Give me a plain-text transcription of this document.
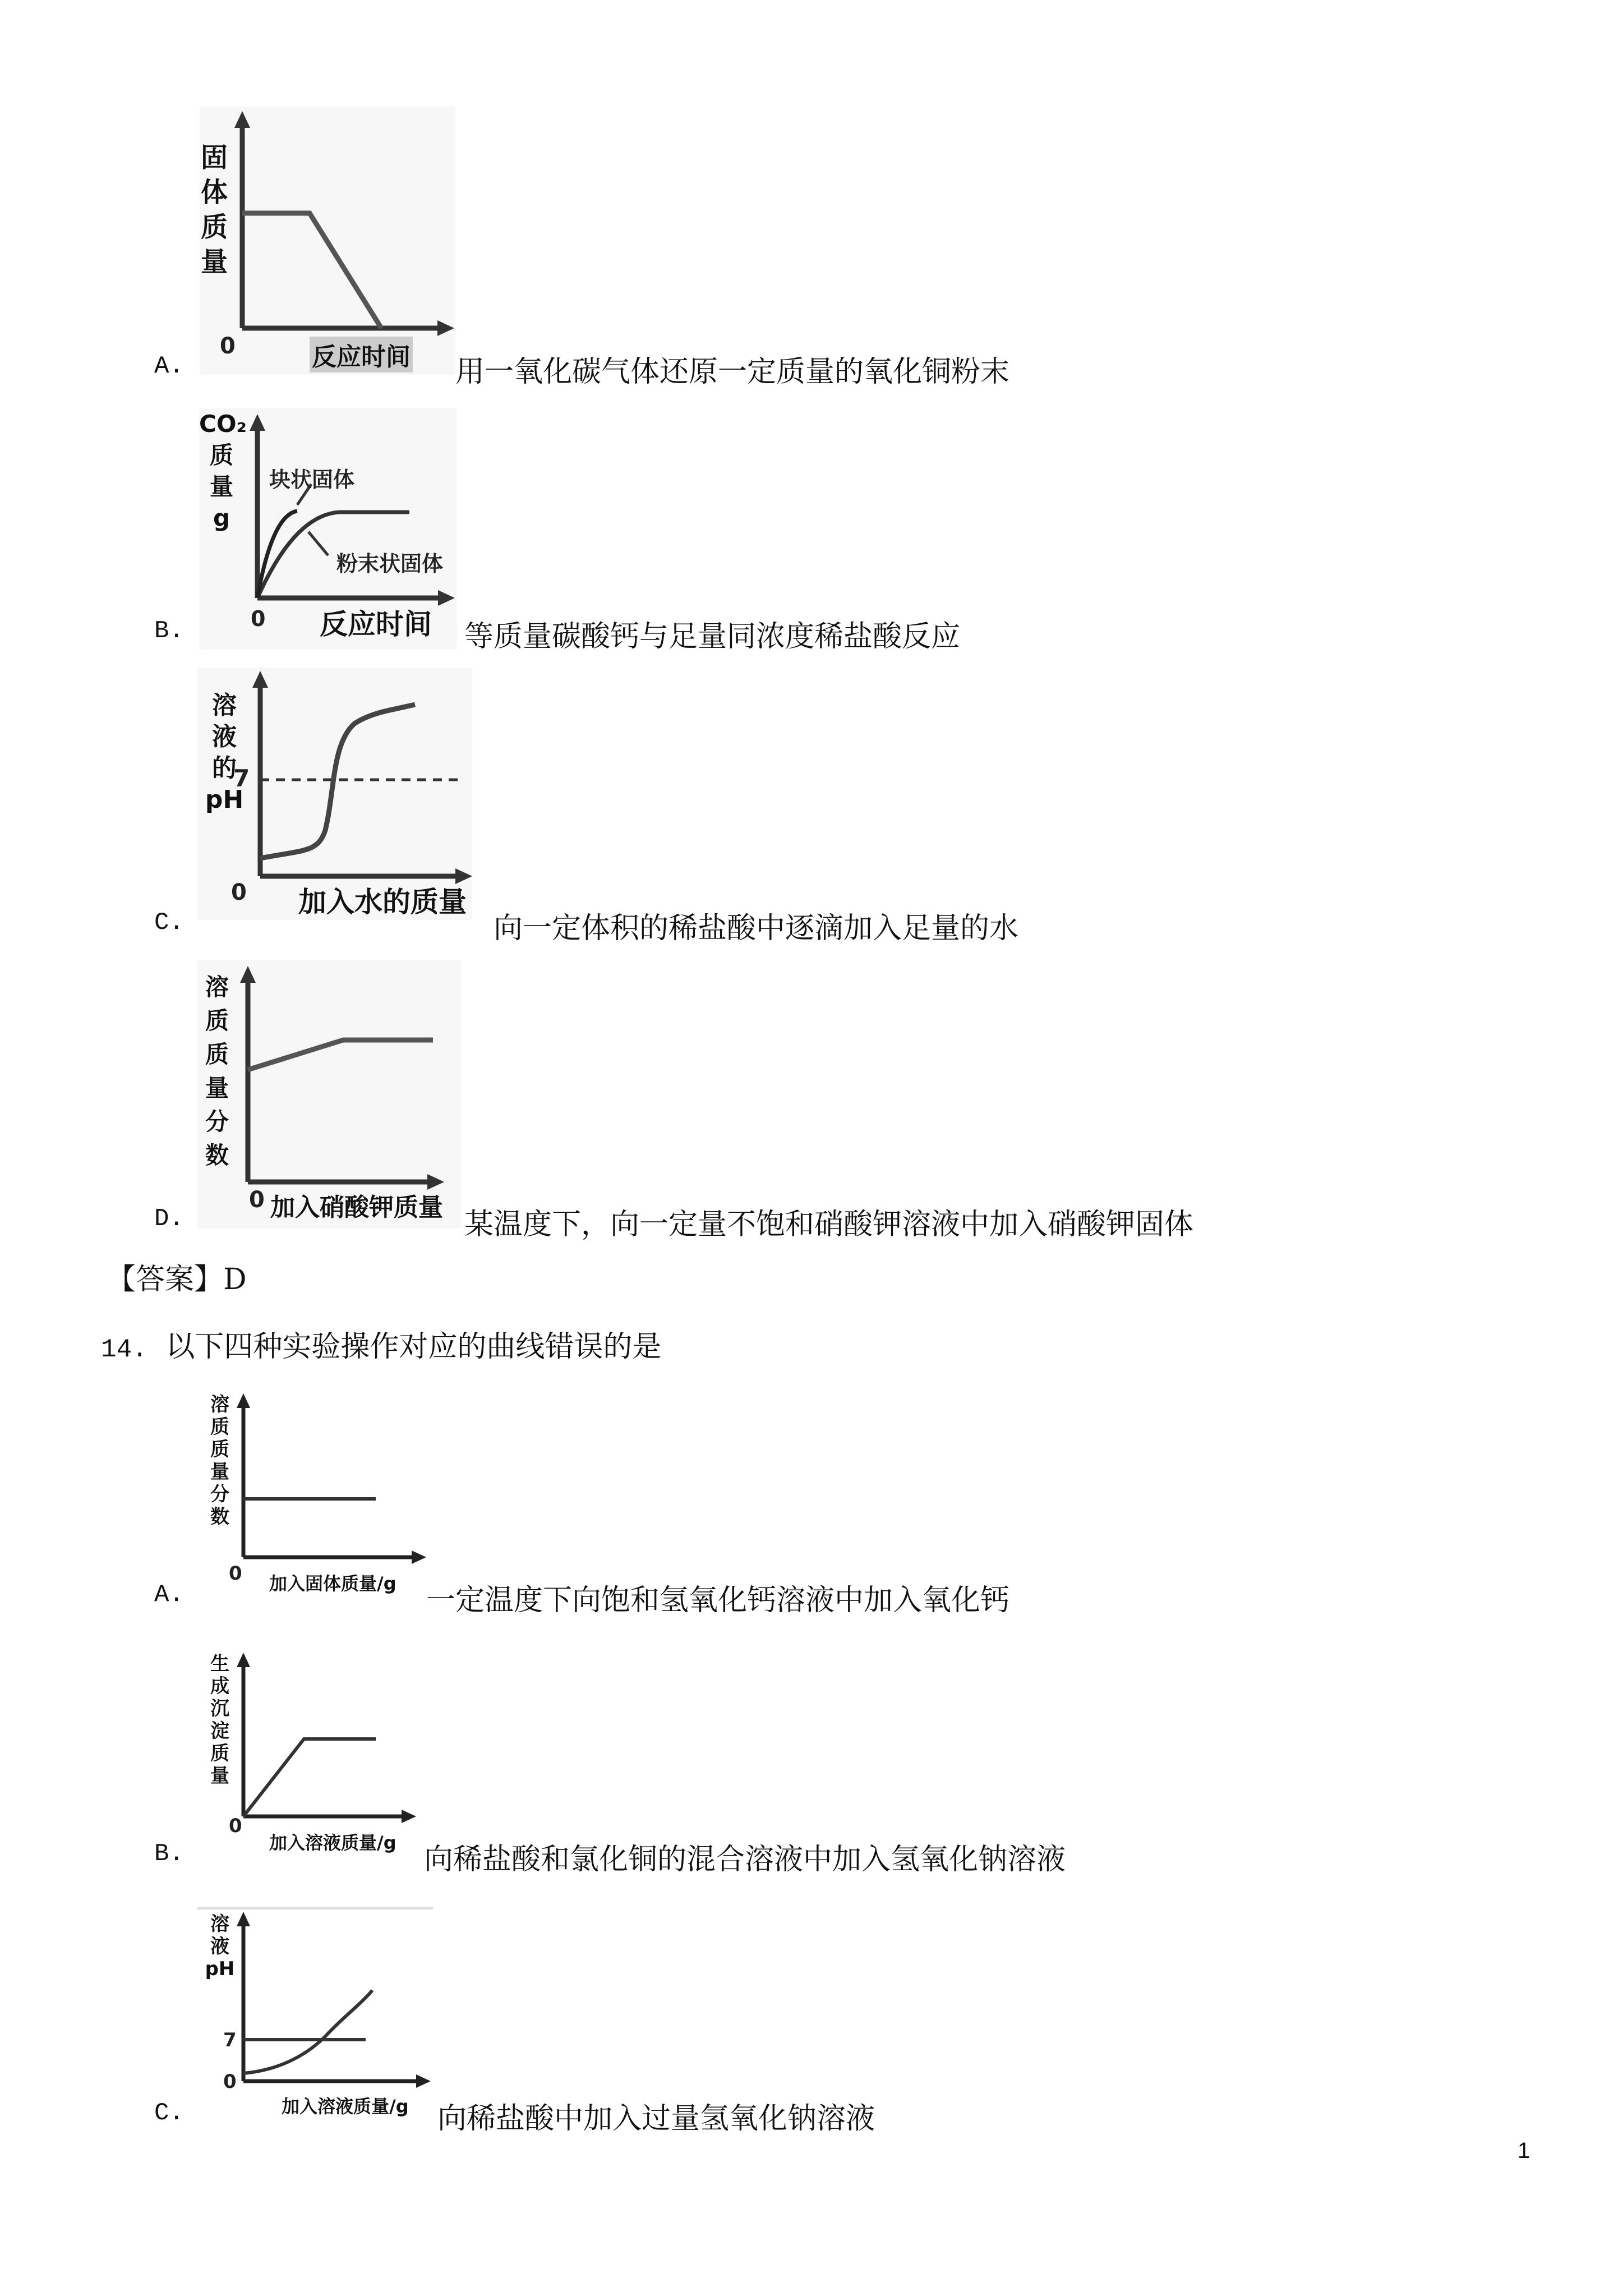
0
固
体
质
量
反应时间
A.	用一氧化碳气体还原一定质量的氧化铜粉末
0
块状固体
粉末状固体
CO₂
质
量
g
反应时间
B.	等质量碳酸钙与足量同浓度稀盐酸反应
7
0
溶
液
的
pH
加入水的质量
C.	向一定体积的稀盐酸中逐滴加入足量的水
0
溶
质
质
量
分
数
加入硝酸钾质量
D.	某温度下，向一定量不饱和硝酸钾溶液中加入硝酸钾固体
【答案】D
14. 以下四种实验操作对应的曲线错误的是
0
溶
质
质
量
分
数
加入固体质量/g
A.	一定温度下向饱和氢氧化钙溶液中加入氧化钙
0
生
成
沉
淀
质
量
加入溶液质量/g
B.	向稀盐酸和氯化铜的混合溶液中加入氢氧化钠溶液
7
0
溶
液
pH
加入溶液质量/g
C.	向稀盐酸中加入过量氢氧化钠溶液
1
